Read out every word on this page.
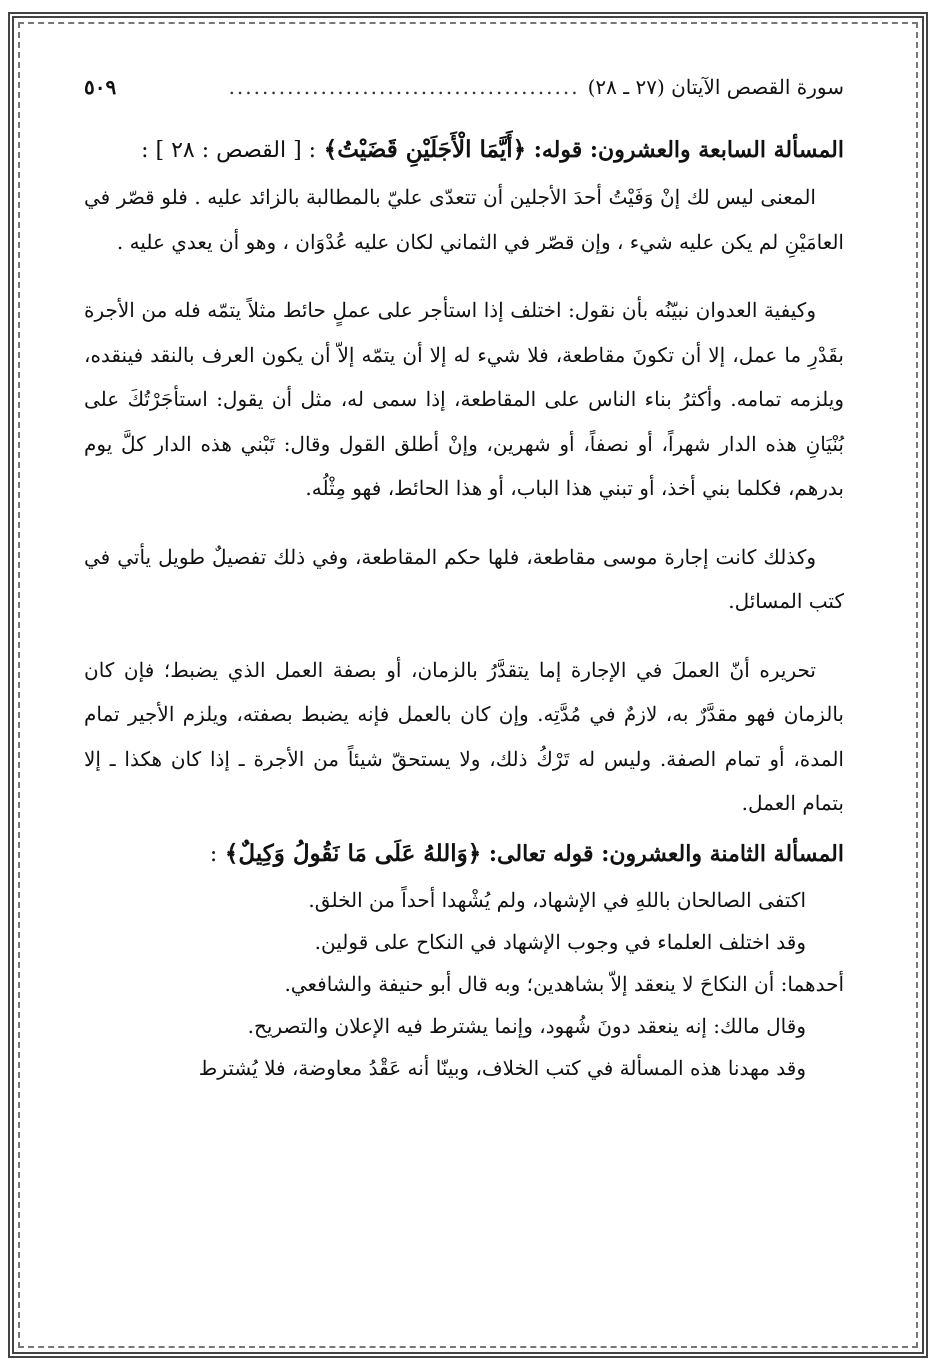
سورة القصص الآيتان (٢٧ ـ ٢٨)
..........................................
٥٠٩
المسألة السابعة والعشرون: قوله: ﴿أَيَّمَا الْأَجَلَيْنِ قَضَيْتُ﴾ : [ القصص : ٢٨ ] :

المعنى ليس لك إنْ وَفَيْتُ أحدَ الأجلين أن تتعدّى عليّ بالمطالبة بالزائد عليه . فلو قصّر في العامَيْنِ لم يكن عليه شيء ، وإن قصّر في الثماني لكان عليه عُدْوَان ، وهو أن يعدي عليه .

وكيفية العدوان نبيّنُه بأن نقول: اختلف إذا استأجر على عملٍ حائط مثلاً يتمّه فله من الأجرة بقَدْرِ ما عمل، إلا أن تكونَ مقاطعة، فلا شيء له إلا أن يتمّه إلاّ أن يكون العرف بالنقد فينقده، ويلزمه تمامه. وأكثرُ بناء الناس على المقاطعة، إذا سمى له، مثل أن يقول: استأجَرْتُكَ على بُنْيَانِ هذه الدار شهراً، أو نصفاً، أو شهرين، وإنْ أطلق القول وقال: تَبْني هذه الدار كلَّ يوم بدرهم، فكلما بني أخذ، أو تبني هذا الباب، أو هذا الحائط، فهو مِثْلُه.

وكذلك كانت إجارة موسى مقاطعة، فلها حكم المقاطعة، وفي ذلك تفصيلٌ طويل يأتي في كتب المسائل.

تحريره أنّ العملَ في الإجارة إما يتقدَّرُ بالزمان، أو بصفة العمل الذي يضبط؛ فإن كان بالزمان فهو مقدَّرٌ به، لازمٌ في مُدَّتِه. وإن كان بالعمل فإنه يضبط بصفته، ويلزم الأجير تمام المدة، أو تمام الصفة. وليس له تَرْكُ ذلك، ولا يستحقّ شيئاً من الأجرة ـ إذا كان هكذا ـ إلا بتمام العمل.

المسألة الثامنة والعشرون: قوله تعالى: ﴿وَاللهُ عَلَى مَا نَقُولُ وَكِيلٌ﴾ :

اكتفى الصالحان باللهِ في الإشهاد، ولم يُشْهدا أحداً من الخلق.

وقد اختلف العلماء في وجوب الإشهاد في النكاح على قولين.

أحدهما: أن النكاحَ لا ينعقد إلاّ بشاهدين؛ وبه قال أبو حنيفة والشافعي.

وقال مالك: إنه ينعقد دونَ شُهود، وإنما يشترط فيه الإعلان والتصريح.

وقد مهدنا هذه المسألة في كتب الخلاف، وبينّا أنه عَقْدُ معاوضة، فلا يُشترط
